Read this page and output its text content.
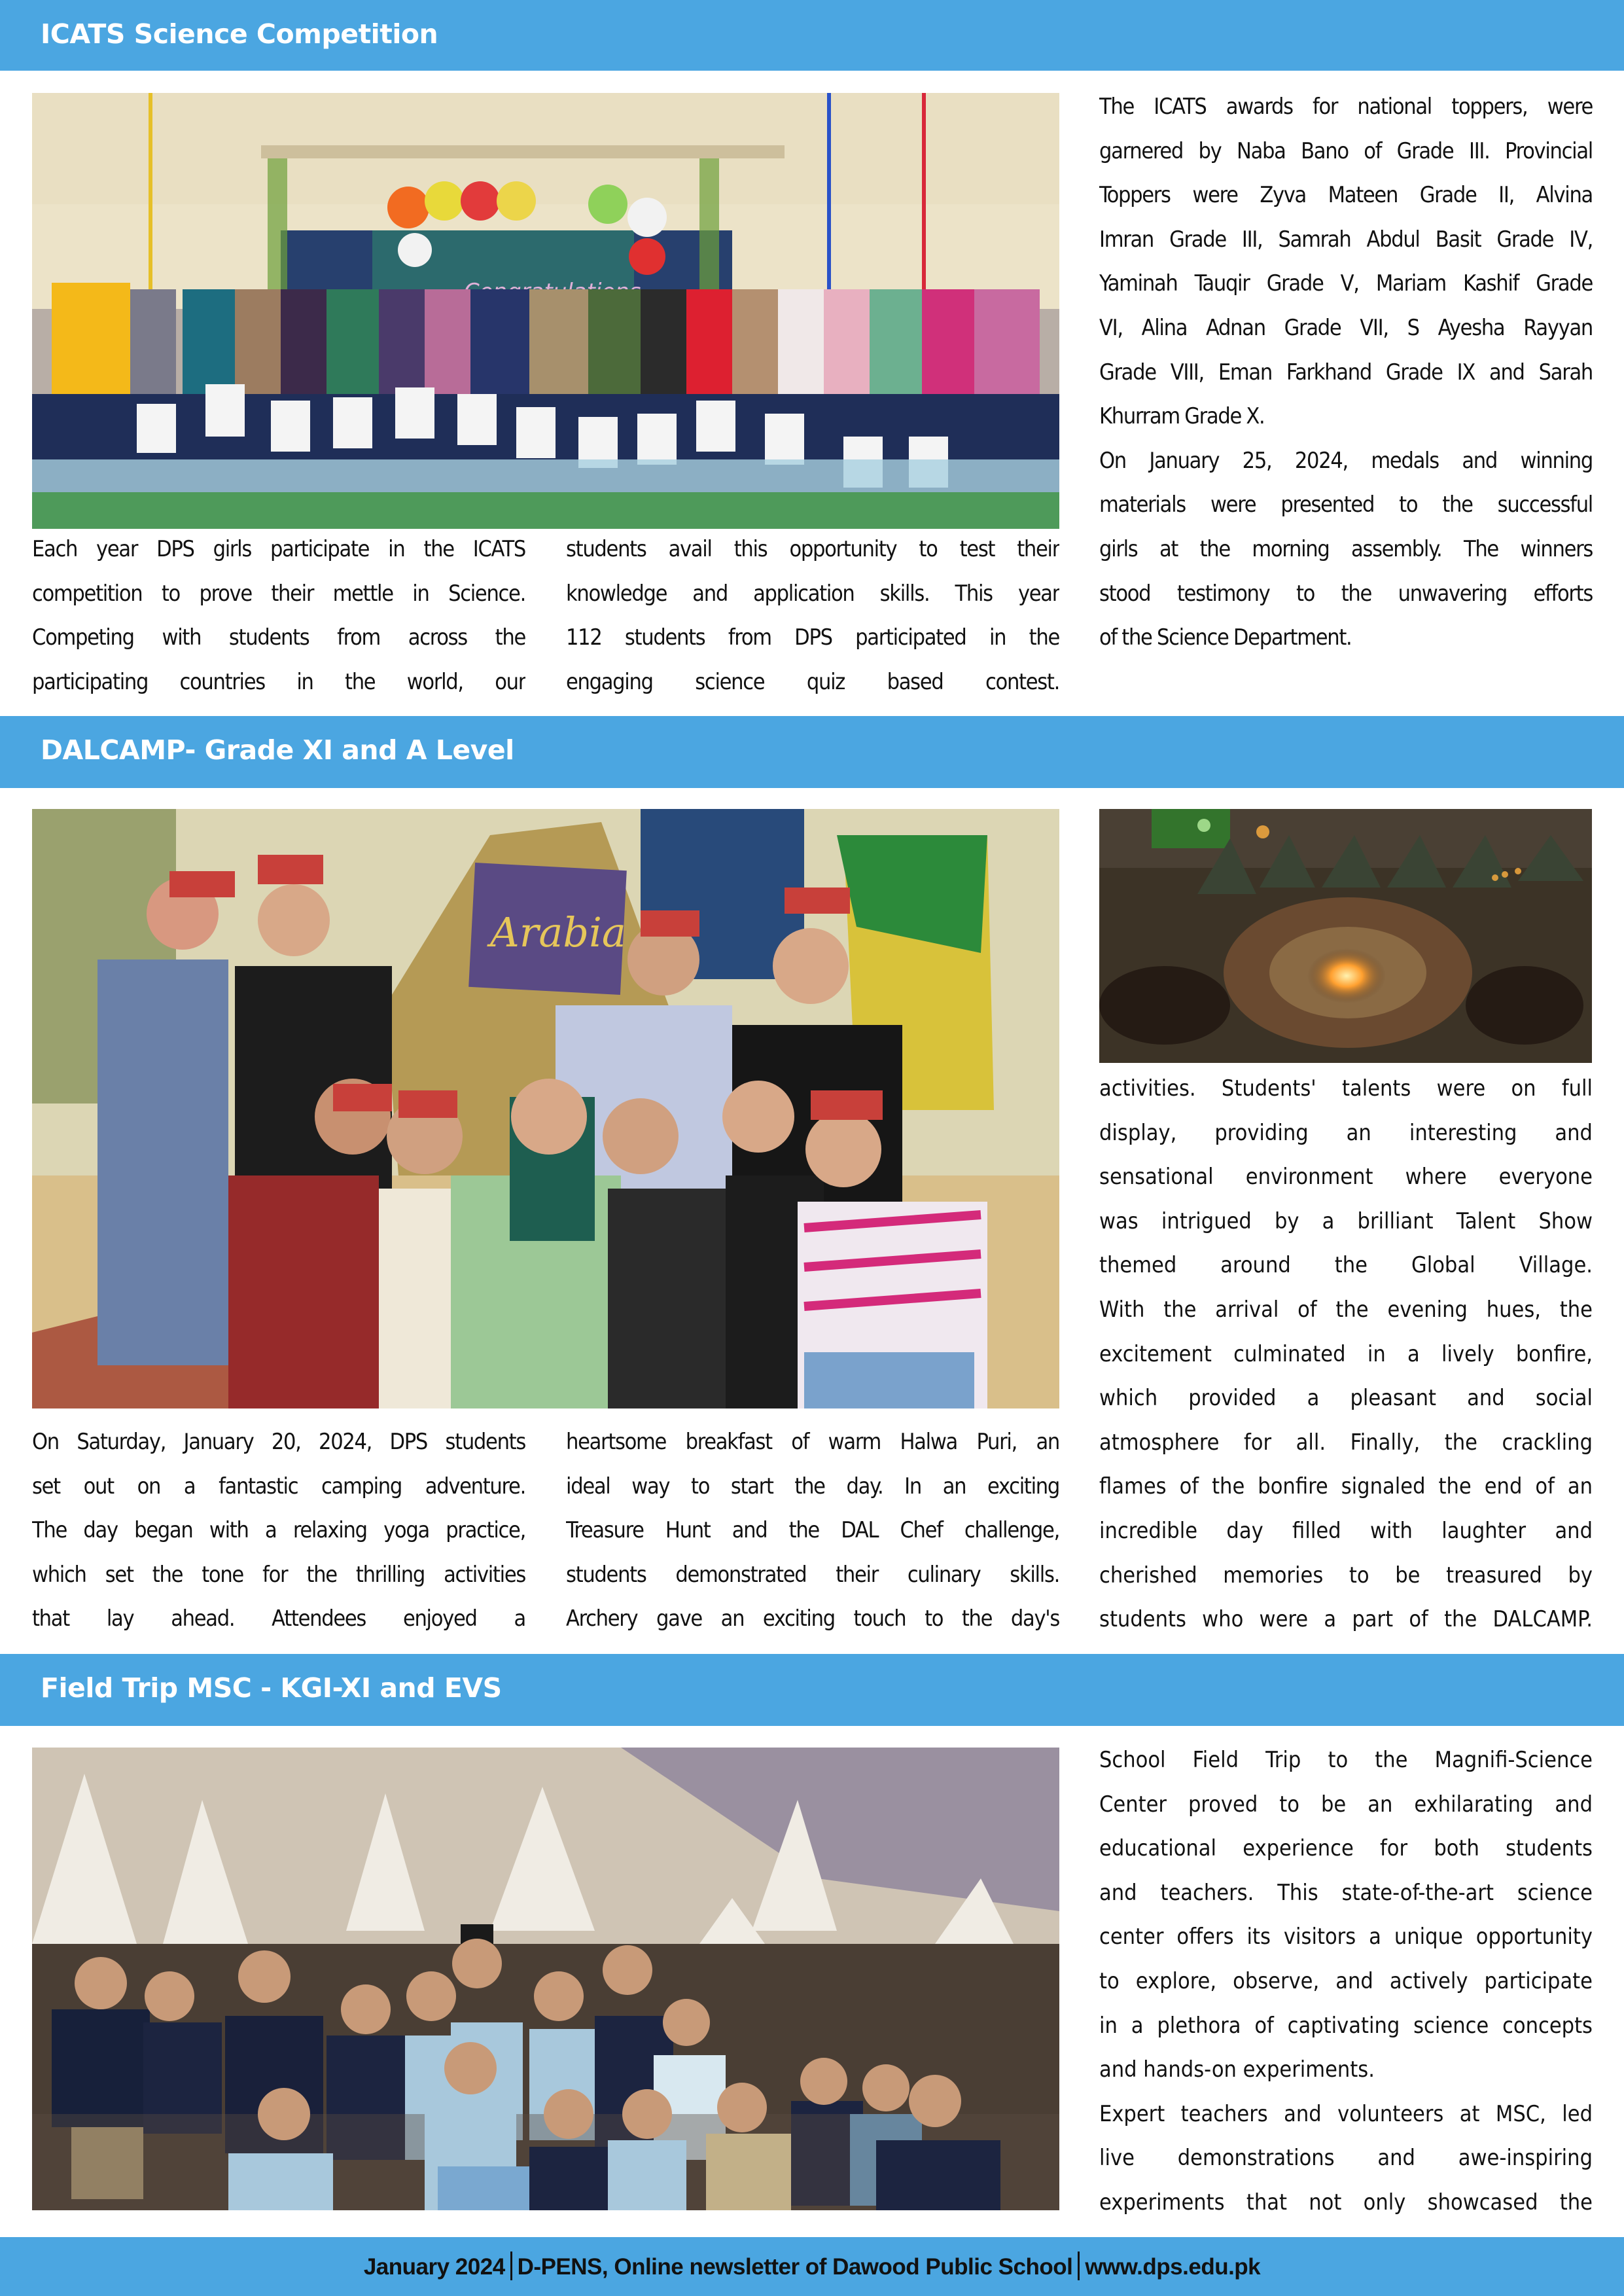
ICATS Science Competition
Each year DPS girls participate in the ICATS
competition to prove their mettle in Science.
Competing with students from across the
participating countries in the world, our
students avail this opportunity to test their
knowledge and application skills. This year
112 students from DPS participated in the
engaging science quiz based contest.
The ICATS awards for national toppers, were
garnered by Naba Bano of Grade III. Provincial
Toppers were Zyva Mateen Grade II, Alvina
Imran Grade III, Samrah Abdul Basit Grade IV,
Yaminah Tauqir Grade V, Mariam Kashif Grade
VI, Alina Adnan Grade VII, S Ayesha Rayyan
Grade VIII, Eman Farkhand Grade IX and Sarah
Khurram Grade X.
On January 25, 2024, medals and winning
materials were presented to the successful
girls at the morning assembly. The winners
stood testimony to the unwavering efforts
of the Science Department.
DALCAMP- Grade XI and A Level
Arabia
On Saturday, January 20, 2024, DPS students
set out on a fantastic camping adventure.
The day began with a relaxing yoga practice,
which set the tone for the thrilling activities
that lay ahead. Attendees enjoyed a
heartsome breakfast of warm Halwa Puri, an
ideal way to start the day. In an exciting
Treasure Hunt and the DAL Chef challenge,
students demonstrated their culinary skills.
Archery gave an exciting touch to the day's
activities. Students' talents were on full
display, providing an interesting and
sensational environment where everyone
was intrigued by a brilliant Talent Show
themed around the Global Village.
With the arrival of the evening hues, the
excitement culminated in a lively bonfire,
which provided a pleasant and social
atmosphere for all. Finally, the crackling
flames of the bonfire signaled the end of an
incredible day filled with laughter and
cherished memories to be treasured by
students who were a part of the DALCAMP.
Field Trip MSC - KGI-XI and EVS
School Field Trip to the Magnifi-Science
Center proved to be an exhilarating and
educational experience for both students
and teachers. This state-of-the-art science
center offers its visitors a unique opportunity
to explore, observe, and actively participate
in a plethora of captivating science concepts
and hands-on experiments.
Expert teachers and volunteers at MSC, led
live demonstrations and awe-inspiring
experiments that not only showcased the
January 2024 D-PENS, Online newsletter of Dawood Public School www.dps.edu.pk
